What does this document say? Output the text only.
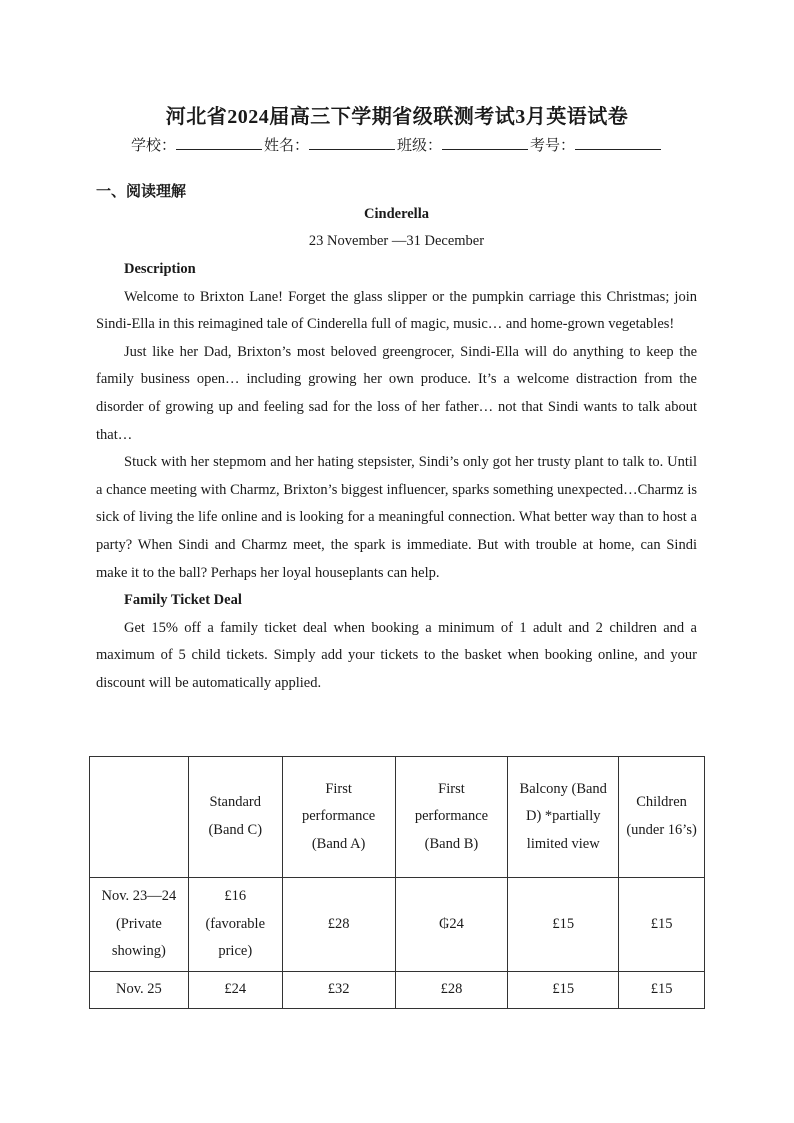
河北省2024届高三下学期省级联测考试3月英语试卷
学校：	姓名：	班级：	考号：
一、阅读理解
Cinderella
23 November —31 December

Description

Welcome to Brixton Lane! Forget the glass slipper or the pumpkin carriage this Christmas; join Sindi-Ella in this reimagined tale of Cinderella full of magic, music… and home-grown vegetables!

Just like her Dad, Brixton’s most beloved greengrocer, Sindi-Ella will do anything to keep the family business open… including growing her own produce. It’s a welcome distraction from the disorder of growing up and feeling sad for the loss of her father… not that Sindi wants to talk about that…

Stuck with her stepmom and her hating stepsister, Sindi’s only got her trusty plant to talk to. Until a chance meeting with Charmz, Brixton’s biggest influencer, sparks something unexpected…Charmz is sick of living the life online and is looking for a meaningful connection. What better way than to host a party? When Sindi and Charmz meet, the spark is immediate. But with trouble at home, can Sindi make it to the ball? Perhaps her loyal houseplants can help.

Family Ticket Deal

Get 15% off a family ticket deal when booking a minimum of 1 adult and 2 children and a maximum of 5 child tickets. Simply add your tickets to the basket when booking online, and your discount will be automatically applied.

	Standard (Band C)	First performance (Band A)	First performance (Band B)	Balcony (Band D) *partially limited view	Children (under 16’s)
Nov. 23—24 (Private showing)	£16 (favorable price)	£28	₲24	£15	£15
Nov. 25	£24	£32	£28	£15	£15
